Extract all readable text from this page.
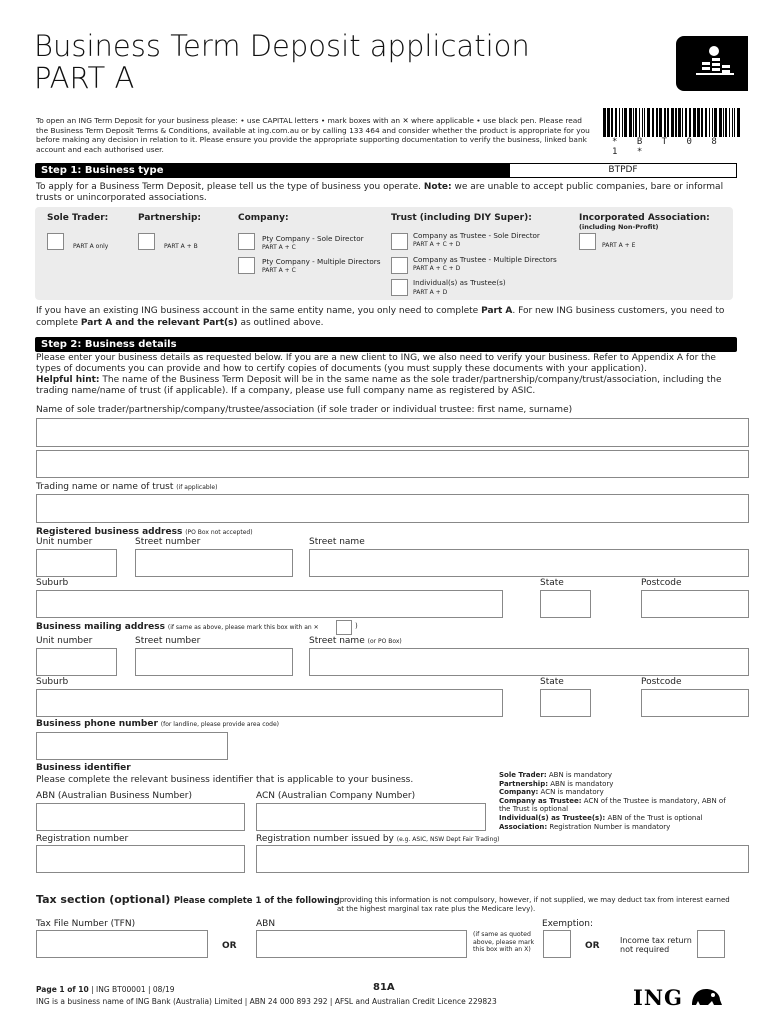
Business Term Deposit application
PART A
* B T 0 8 1 *
To open an ING Term Deposit for your business please: • use CAPITAL letters • mark boxes with an ✕ where applicable • use black pen. Please read the Business Term Deposit Terms & Conditions, available at ing.com.au or by calling 133 464 and consider whether the product is appropriate for you before making any decision in relation to it. Please ensure you provide the appropriate supporting documentation to verify the business, linked bank account and each authorised user.
Step 1: Business type	BTPDF
To apply for a Business Term Deposit, please tell us the type of business you operate. Note: we are unable to accept public companies, bare or informal trusts or unincorporated associations.
Sole Trader:
PART A only
Partnership:
PART A + B
Company:
Pty Company - Sole Director
PART A + C
Pty Company - Multiple Directors
PART A + C
Trust (including DIY Super):
Company as Trustee - Sole Director
PART A + C + D
Company as Trustee - Multiple Directors
PART A + C + D
Individual(s) as Trustee(s)
PART A + D
Incorporated Association:
(including Non-Profit)
PART A + E
If you have an existing ING business account in the same entity name, you only need to complete Part A. For new ING business customers, you need to complete Part A and the relevant Part(s) as outlined above.
Step 2: Business details
Please enter your business details as requested below. If you are a new client to ING, we also need to verify your business. Refer to Appendix A for the types of documents you can provide and how to certify copies of documents (you must supply these documents with your application).
Helpful hint: The name of the Business Term Deposit will be in the same name as the sole trader/partnership/company/trust/association, including the trading name/name of trust (if applicable). If a company, please use full company name as registered by ASIC.
Name of sole trader/partnership/company/trustee/association (if sole trader or individual trustee: first name, surname)
Trading name or name of trust (if applicable)
Registered business address (PO Box not accepted)
Unit number	Street number	Street name
Suburb	State	Postcode
Business mailing address (if same as above, please mark this box with an ✕	)
Unit number	Street number	Street name (or PO Box)
Suburb	State	Postcode
Business phone number (for landline, please provide area code)
Business identifier
Please complete the relevant business identifier that is applicable to your business.
ABN (Australian Business Number)	ACN (Australian Company Number)
Registration number	Registration number issued by (e.g. ASIC, NSW Dept Fair Trading)
Sole Trader: ABN is mandatory
Partnership: ABN is mandatory
Company: ACN is mandatory
Company as Trustee: ACN of the Trustee is mandatory, ABN of the Trust is optional
Individual(s) as Trustee(s): ABN of the Trust is optional
Association: Registration Number is mandatory
Tax section (optional) Please complete 1 of the following
(providing this information is not compulsory, however, if not supplied, we may deduct tax from interest earned at the highest marginal tax rate plus the Medicare levy).
Tax File Number (TFN)	ABN	Exemption:
OR
(if same as quoted above, please mark this box with an X)	OR
Income tax return not required
Page 1 of 10 | ING BT00001 | 08/19	81A
ING is a business name of ING Bank (Australia) Limited | ABN 24 000 893 292 | AFSL and Australian Credit Licence 229823	ING
